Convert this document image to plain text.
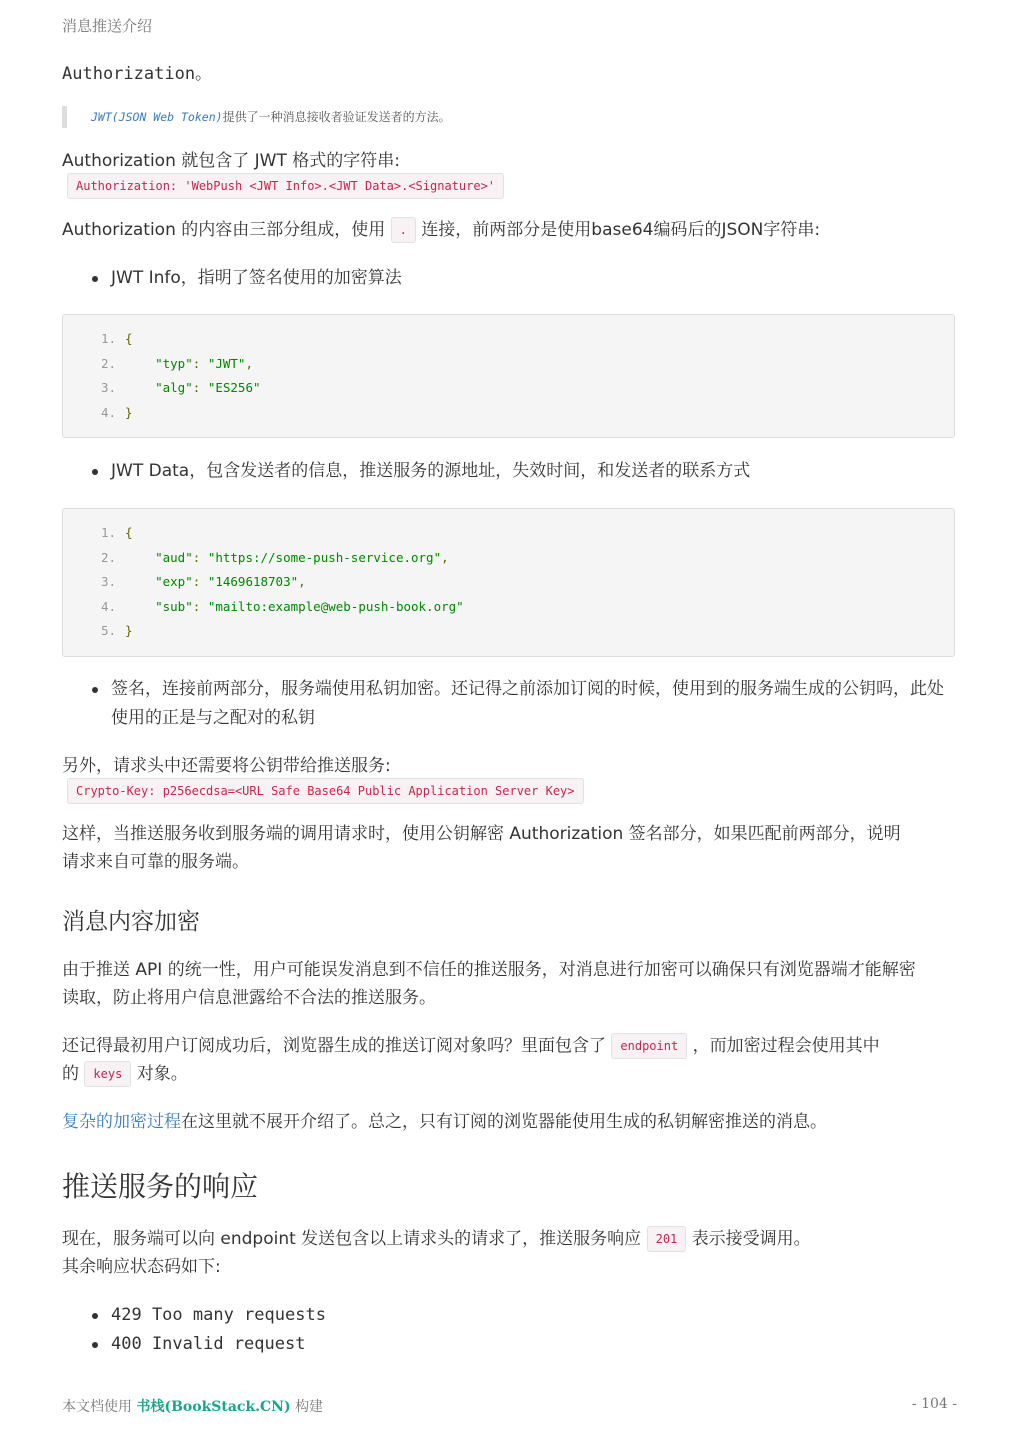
消息推送介绍

Authorization。

JWT(JSON Web Token)提供了一种消息接收者验证发送者的方法。

Authorization 就包含了 JWT 格式的字符串:

Authorization: 'WebPush <JWT Info>.<JWT Data>.<Signature>'

Authorization 的内容由三部分组成，使用 . 连接，前两部分是使用base64编码后的JSON字符串:

JWT Info，指明了签名使用的加密算法
1. {
2.	"typ": "JWT",
3.	"alg": "ES256"
4. }
JWT Data，包含发送者的信息，推送服务的源地址，失效时间，和发送者的联系方式
1. {
2.	"aud": "https://some-push-service.org",
3.	"exp": "1469618703",
4.	"sub": "mailto:example@web-push-book.org"
5. }
签名，连接前两部分，服务端使用私钥加密。还记得之前添加订阅的时候，使用到的服务端生成的公钥吗，此处
使用的正是与之配对的私钥

另外，请求头中还需要将公钥带给推送服务:

Crypto-Key: p256ecdsa=<URL Safe Base64 Public Application Server Key>

这样，当推送服务收到服务端的调用请求时，使用公钥解密 Authorization 签名部分，如果匹配前两部分，说明

请求来自可靠的服务端。

消息内容加密

由于推送 API 的统一性，用户可能误发消息到不信任的推送服务，对消息进行加密可以确保只有浏览器端才能解密

读取，防止将用户信息泄露给不合法的推送服务。

还记得最初用户订阅成功后，浏览器生成的推送订阅对象吗？里面包含了 endpoint ，而加密过程会使用其中

的 keys 对象。

复杂的加密过程在这里就不展开介绍了。总之，只有订阅的浏览器能使用生成的私钥解密推送的消息。

推送服务的响应

现在，服务端可以向 endpoint 发送包含以上请求头的请求了，推送服务响应 201 表示接受调用。

其余响应状态码如下:

429 Too many requests
400 Invalid request
本文档使用 书栈(BookStack.CN) 构建	- 104 -
